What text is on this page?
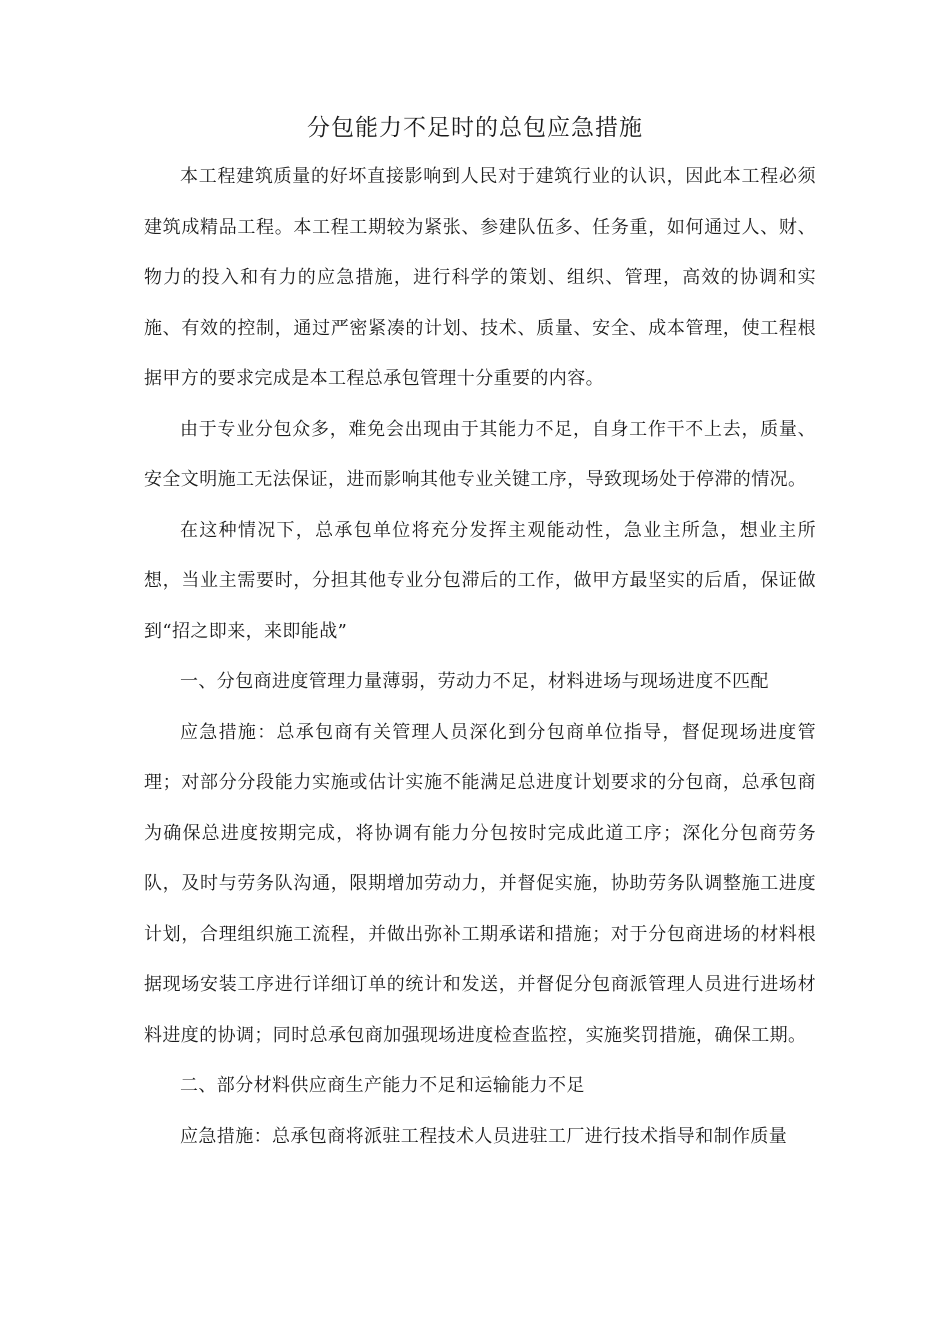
分包能力不足时的总包应急措施

本工程建筑质量的好坏直接影响到人民对于建筑行业的认识，因此本工程必须建筑成精品工程。本工程工期较为紧张、参建队伍多、任务重，如何通过人、财、物力的投入和有力的应急措施，进行科学的策划、组织、管理，高效的协调和实施、有效的控制，通过严密紧凑的计划、技术、质量、安全、成本管理，使工程根据甲方的要求完成是本工程总承包管理十分重要的内容。

由于专业分包众多，难免会出现由于其能力不足，自身工作干不上去，质量、安全文明施工无法保证，进而影响其他专业关键工序，导致现场处于停滞的情况。

在这种情况下，总承包单位将充分发挥主观能动性，急业主所急，想业主所想，当业主需要时，分担其他专业分包滞后的工作，做甲方最坚实的后盾，保证做到“招之即来，来即能战”

一、分包商进度管理力量薄弱，劳动力不足，材料进场与现场进度不匹配

应急措施：总承包商有关管理人员深化到分包商单位指导，督促现场进度管理；对部分分段能力实施或估计实施不能满足总进度计划要求的分包商，总承包商为确保总进度按期完成，将协调有能力分包按时完成此道工序；深化分包商劳务队，及时与劳务队沟通，限期增加劳动力，并督促实施，协助劳务队调整施工进度计划，合理组织施工流程，并做出弥补工期承诺和措施；对于分包商进场的材料根据现场安装工序进行详细订单的统计和发送，并督促分包商派管理人员进行进场材料进度的协调；同时总承包商加强现场进度检查监控，实施奖罚措施，确保工期。

二、部分材料供应商生产能力不足和运输能力不足

应急措施：总承包商将派驻工程技术人员进驻工厂进行技术指导和制作质量
